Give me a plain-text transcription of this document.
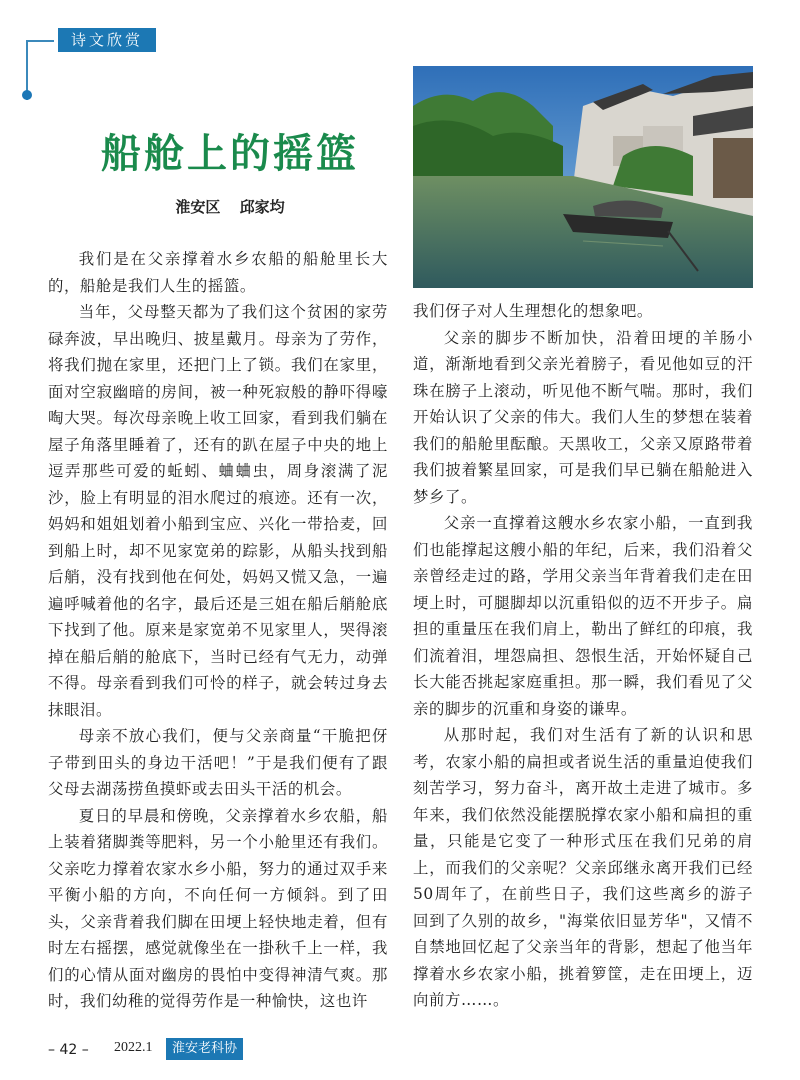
诗文欣赏
船舱上的摇篮
淮安区 邱家均

我们是在父亲撑着水乡农船的船舱里长大的，船舱是我们人生的摇篮。

当年，父母整天都为了我们这个贫困的家劳碌奔波，早出晚归、披星戴月。母亲为了劳作，将我们抛在家里，还把门上了锁。我们在家里，面对空寂幽暗的房间，被一种死寂般的静吓得嚎啕大哭。每次母亲晚上收工回家，看到我们躺在屋子角落里睡着了，还有的趴在屋子中央的地上逗弄那些可爱的蚯蚓、蛐蛐虫，周身滚满了泥沙，脸上有明显的泪水爬过的痕迹。还有一次，妈妈和姐姐划着小船到宝应、兴化一带拾麦，回到船上时，却不见家宽弟的踪影，从船头找到船后艄，没有找到他在何处，妈妈又慌又急，一遍遍呼喊着他的名字，最后还是三姐在船后艄舱底下找到了他。原来是家宽弟不见家里人，哭得滚掉在船后艄的舱底下，当时已经有气无力，动弹不得。母亲看到我们可怜的样子，就会转过身去抹眼泪。

母亲不放心我们，便与父亲商量“干脆把伢子带到田头的身边干活吧！”于是我们便有了跟父母去湖荡捞鱼摸虾或去田头干活的机会。

夏日的早晨和傍晚，父亲撑着水乡农船，船上装着猪脚粪等肥料，另一个小舱里还有我们。父亲吃力撑着农家水乡小船，努力的通过双手来平衡小船的方向，不向任何一方倾斜。到了田头，父亲背着我们脚在田埂上轻快地走着，但有时左右摇摆，感觉就像坐在一掛秋千上一样，我们的心情从面对幽房的畏怕中变得神清气爽。那时，我们幼稚的觉得劳作是一种愉快，这也许

我们伢子对人生理想化的想象吧。

父亲的脚步不断加快，沿着田埂的羊肠小道，渐渐地看到父亲光着膀子，看见他如豆的汗珠在膀子上滚动，听见他不断气喘。那时，我们开始认识了父亲的伟大。我们人生的梦想在装着我们的船舱里酝酿。天黑收工，父亲又原路带着我们披着繁星回家，可是我们早已躺在船舱进入梦乡了。

父亲一直撑着这艘水乡农家小船，一直到我们也能撑起这艘小船的年纪，后来，我们沿着父亲曾经走过的路，学用父亲当年背着我们走在田埂上时，可腿脚却以沉重铅似的迈不开步子。扁担的重量压在我们肩上，勒出了鲜红的印痕，我们流着泪，埋怨扁担、怨恨生活，开始怀疑自己长大能否挑起家庭重担。那一瞬，我们看见了父亲的脚步的沉重和身姿的谦卑。

从那时起，我们对生活有了新的认识和思考，农家小船的扁担或者说生活的重量迫使我们刻苦学习，努力奋斗，离开故土走进了城市。多年来，我们依然没能摆脱撑农家小船和扁担的重量，只能是它变了一种形式压在我们兄弟的肩上，而我们的父亲呢？父亲邱继永离开我们已经50周年了，在前些日子，我们这些离乡的游子回到了久别的故乡，"海棠依旧显芳华"，又情不自禁地回忆起了父亲当年的背影，想起了他当年撑着水乡农家小船，挑着箩筐，走在田埂上，迈向前方……。

– 42 – 2022.1	淮安老科协
